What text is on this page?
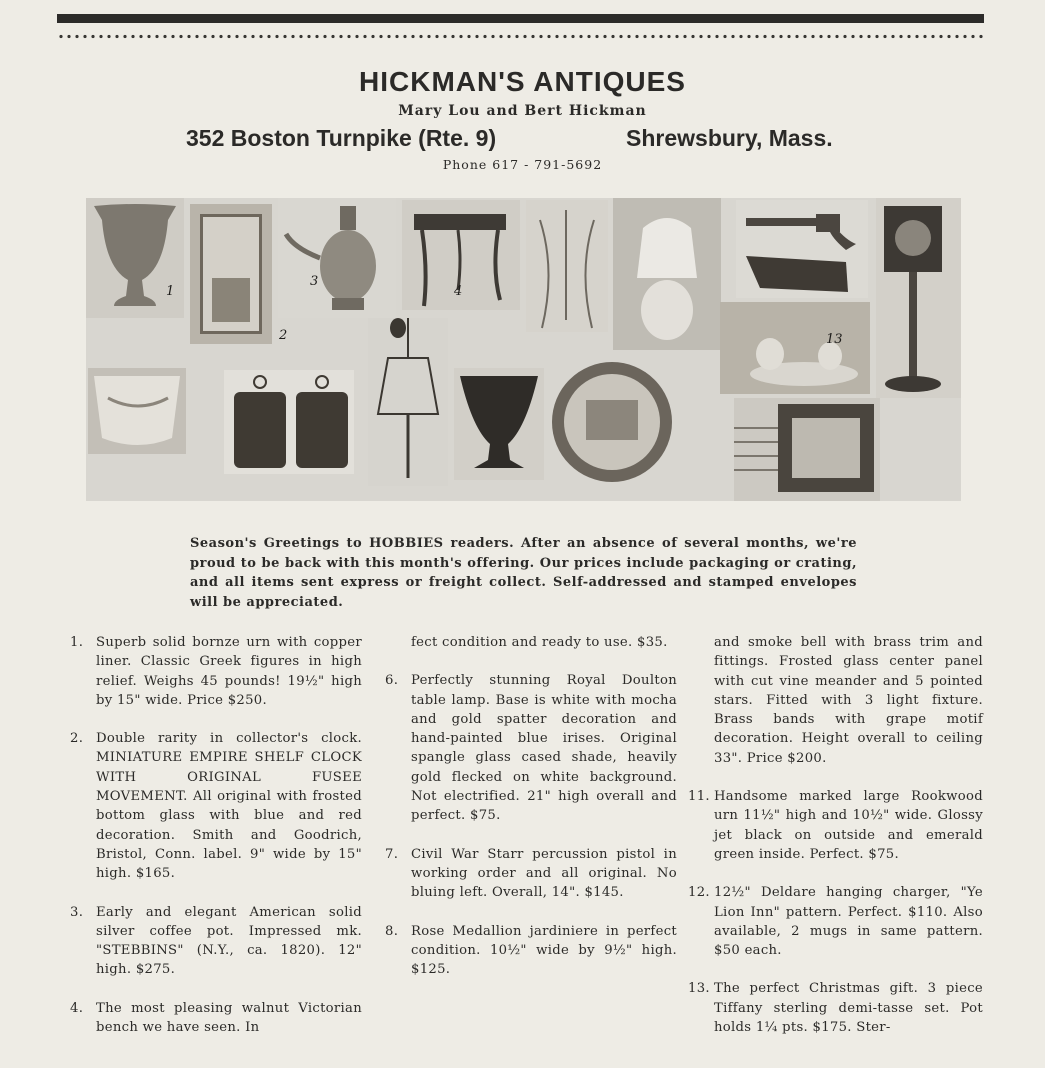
HICKMAN'S ANTIQUES
Mary Lou and Bert Hickman
352 Boston Turnpike (Rte. 9)	Shrewsbury, Mass.
Phone 617 - 791-5692
1
2
3
4
13
Season's Greetings to HOBBIES readers. After an absence of several months, we're proud to be back with this month's offering. Our prices include packaging or crating, and all items sent express or freight collect. Self-addressed and stamped envelopes will be appreciated.
1. Superb solid bornze urn with copper liner. Classic Greek figures in high relief. Weighs 45 pounds! 19½" high by 15" wide. Price $250.
2. Double rarity in collector's clock. MINIATURE EMPIRE SHELF CLOCK WITH ORIGINAL FUSEE MOVEMENT. All original with frosted bottom glass with blue and red decoration. Smith and Goodrich, Bristol, Conn. label. 9" wide by 15" high. $165.
3. Early and elegant American solid silver coffee pot. Impressed mk. "STEBBINS" (N.Y., ca. 1820). 12" high. $275.
4. The most pleasing walnut Victorian bench we have seen. In
fect condition and ready to use. $35.
6. Perfectly stunning Royal Doulton table lamp. Base is white with mocha and gold spatter decoration and hand-painted blue irises. Original spangle glass cased shade, heavily gold flecked on white background. Not electrified. 21" high overall and perfect. $75.
7. Civil War Starr percussion pistol in working order and all original. No bluing left. Overall, 14". $145.
8. Rose Medallion jardiniere in perfect condition. 10½" wide by 9½" high. $125.
and smoke bell with brass trim and fittings. Frosted glass center panel with cut vine meander and 5 pointed stars. Fitted with 3 light fixture. Brass bands with grape motif decoration. Height overall to ceiling 33". Price $200.
11. Handsome marked large Rookwood urn 11½" high and 10½" wide. Glossy jet black on outside and emerald green inside. Perfect. $75.
12. 12½" Deldare hanging charger, "Ye Lion Inn" pattern. Perfect. $110. Also available, 2 mugs in same pattern. $50 each.
13. The perfect Christmas gift. 3 piece Tiffany sterling demi-tasse set. Pot holds 1¼ pts. $175. Ster-
